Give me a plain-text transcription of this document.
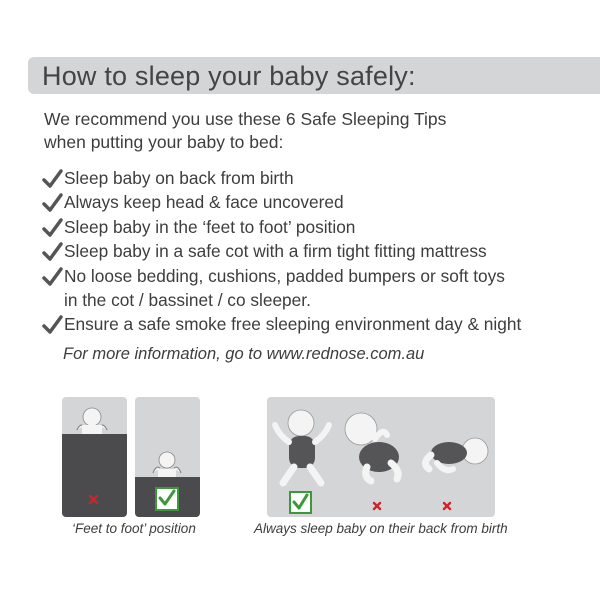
How to sleep your baby safely:
We recommend you use these 6 Safe Sleeping Tips
when putting your baby to bed:
Sleep baby on back from birth
Always keep head & face uncovered
Sleep baby in the ‘feet to foot’ position
Sleep baby in a safe cot with a firm tight fitting mattress
No loose bedding, cushions, padded bumpers or soft toys
in the cot / bassinet / co sleeper.
Ensure a safe smoke free sleeping environment day & night
For more information, go to www.rednose.com.au
‘Feet to foot’ position	Always sleep baby on their back from birth
